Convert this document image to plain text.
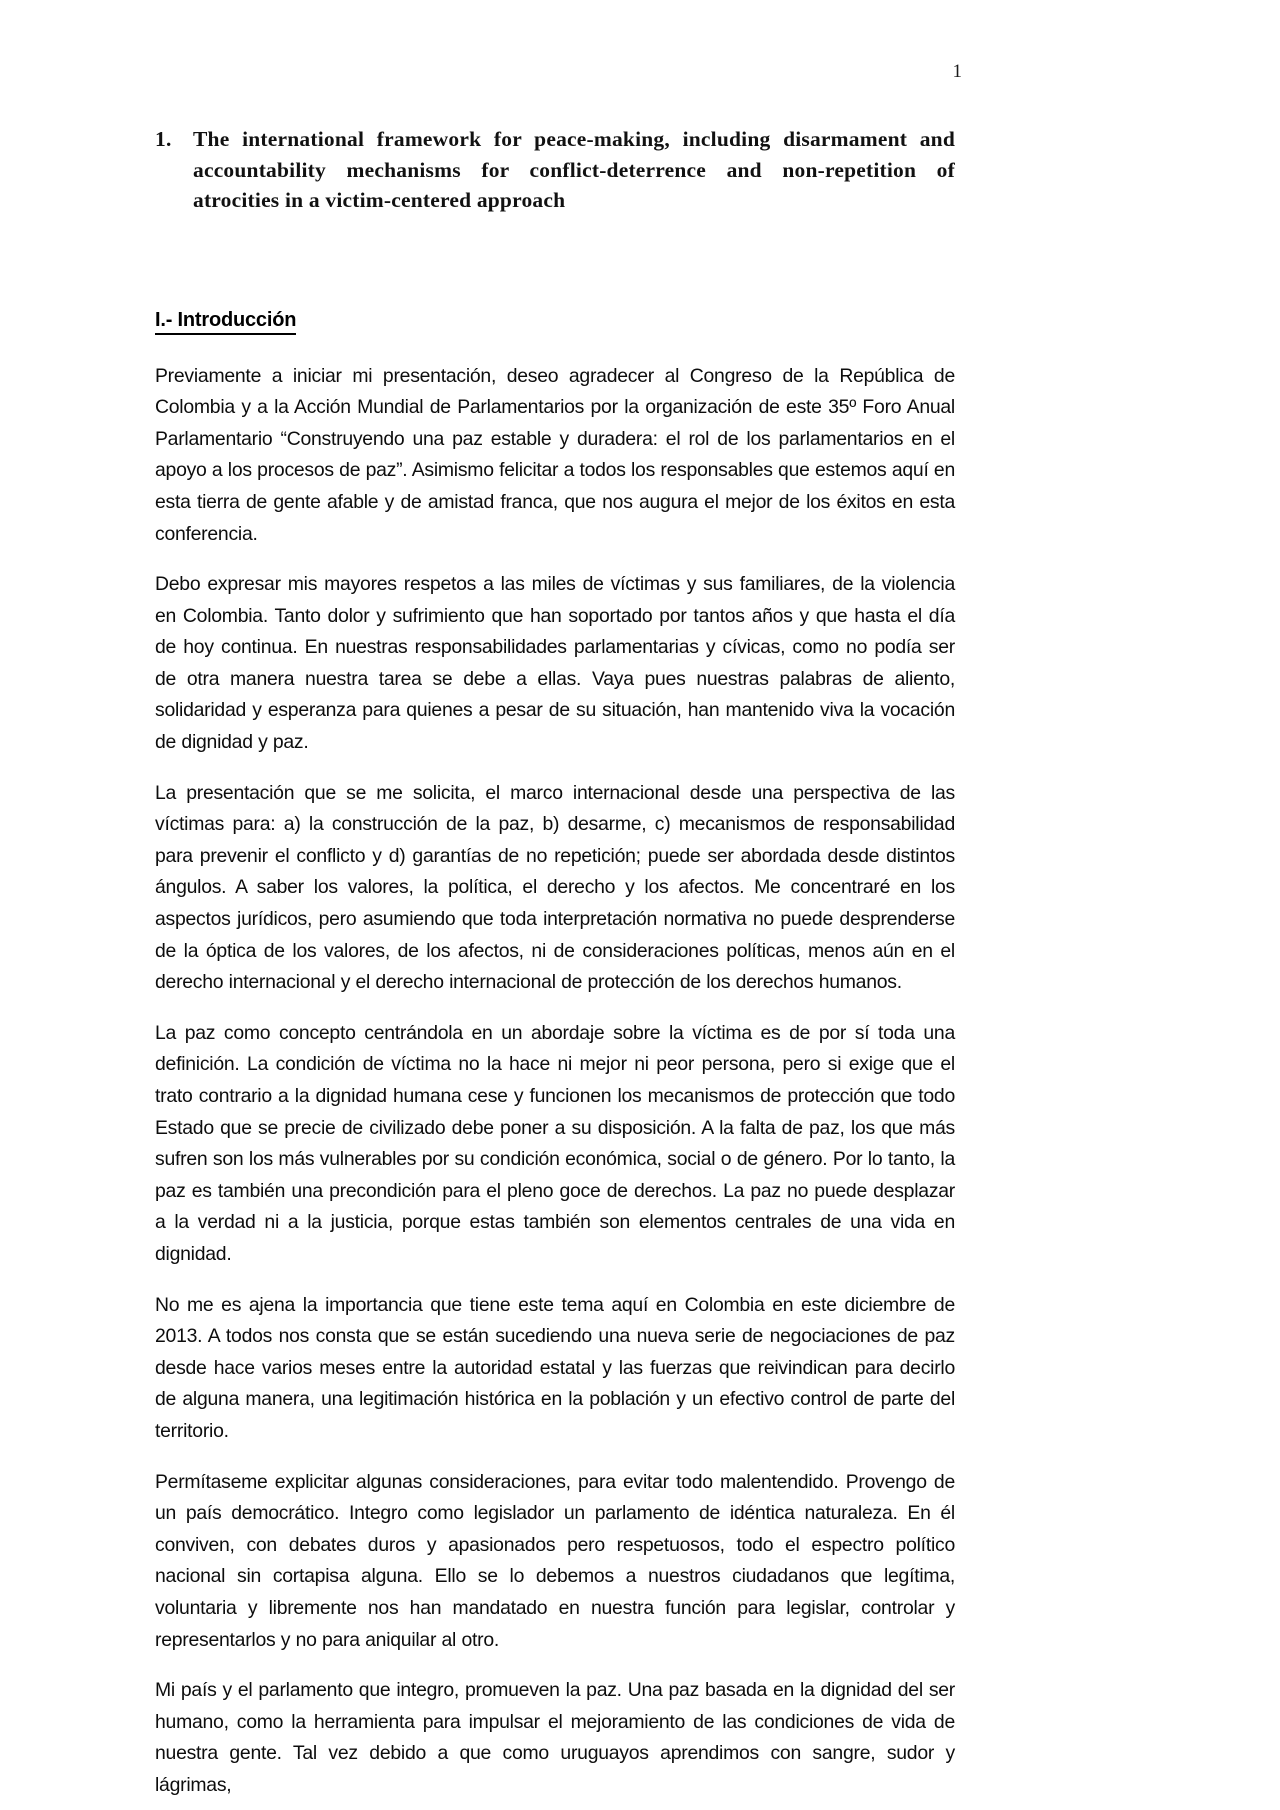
1
1. The international framework for peace-making, including disarmament and
accountability mechanisms for conflict-deterrence and non-repetition of
atrocities in a victim-centered approach
I.- Introducción

Previamente a iniciar mi presentación, deseo agradecer al Congreso de la República de Colombia y a la Acción Mundial de Parlamentarios por la organización de este 35º Foro Anual Parlamentario “Construyendo una paz estable y duradera: el rol de los parlamentarios en el apoyo a los procesos de paz”. Asimismo felicitar a todos los responsables que estemos aquí en esta tierra de gente afable y de amistad franca, que nos augura el mejor de los éxitos en esta conferencia.

Debo expresar mis mayores respetos a las miles de víctimas y sus familiares, de la violencia en Colombia. Tanto dolor y sufrimiento que han soportado por tantos años y que hasta el día de hoy continua. En nuestras responsabilidades parlamentarias y cívicas, como no podía ser de otra manera nuestra tarea se debe a ellas. Vaya pues nuestras palabras de aliento, solidaridad y esperanza para quienes a pesar de su situación, han mantenido viva la vocación de dignidad y paz.

La presentación que se me solicita, el marco internacional desde una perspectiva de las víctimas para: a) la construcción de la paz, b) desarme, c) mecanismos de responsabilidad para prevenir el conflicto y d) garantías de no repetición; puede ser abordada desde distintos ángulos. A saber los valores, la política, el derecho y los afectos. Me concentraré en los aspectos jurídicos, pero asumiendo que toda interpretación normativa no puede desprenderse de la óptica de los valores, de los afectos, ni de consideraciones políticas, menos aún en el derecho internacional y el derecho internacional de protección de los derechos humanos.

La paz como concepto centrándola en un abordaje sobre la víctima es de por sí toda una definición. La condición de víctima no la hace ni mejor ni peor persona, pero si exige que el trato contrario a la dignidad humana cese y funcionen los mecanismos de protección que todo Estado que se precie de civilizado debe poner a su disposición. A la falta de paz, los que más sufren son los más vulnerables por su condición económica, social o de género. Por lo tanto, la paz es también una precondición para el pleno goce de derechos. La paz no puede desplazar a la verdad ni a la justicia, porque estas también son elementos centrales de una vida en dignidad.

No me es ajena la importancia que tiene este tema aquí en Colombia en este diciembre de 2013. A todos nos consta que se están sucediendo una nueva serie de negociaciones de paz desde hace varios meses entre la autoridad estatal y las fuerzas que reivindican para decirlo de alguna manera, una legitimación histórica en la población y un efectivo control de parte del territorio.

Permítaseme explicitar algunas consideraciones, para evitar todo malentendido. Provengo de un país democrático. Integro como legislador un parlamento de idéntica naturaleza. En él conviven, con debates duros y apasionados pero respetuosos, todo el espectro político nacional sin cortapisa alguna. Ello se lo debemos a nuestros ciudadanos que legítima, voluntaria y libremente nos han mandatado en nuestra función para legislar, controlar y representarlos y no para aniquilar al otro.

Mi país y el parlamento que integro, promueven la paz. Una paz basada en la dignidad del ser humano, como la herramienta para impulsar el mejoramiento de las condiciones de vida de nuestra gente. Tal vez debido a que como uruguayos aprendimos con sangre, sudor y lágrimas,
